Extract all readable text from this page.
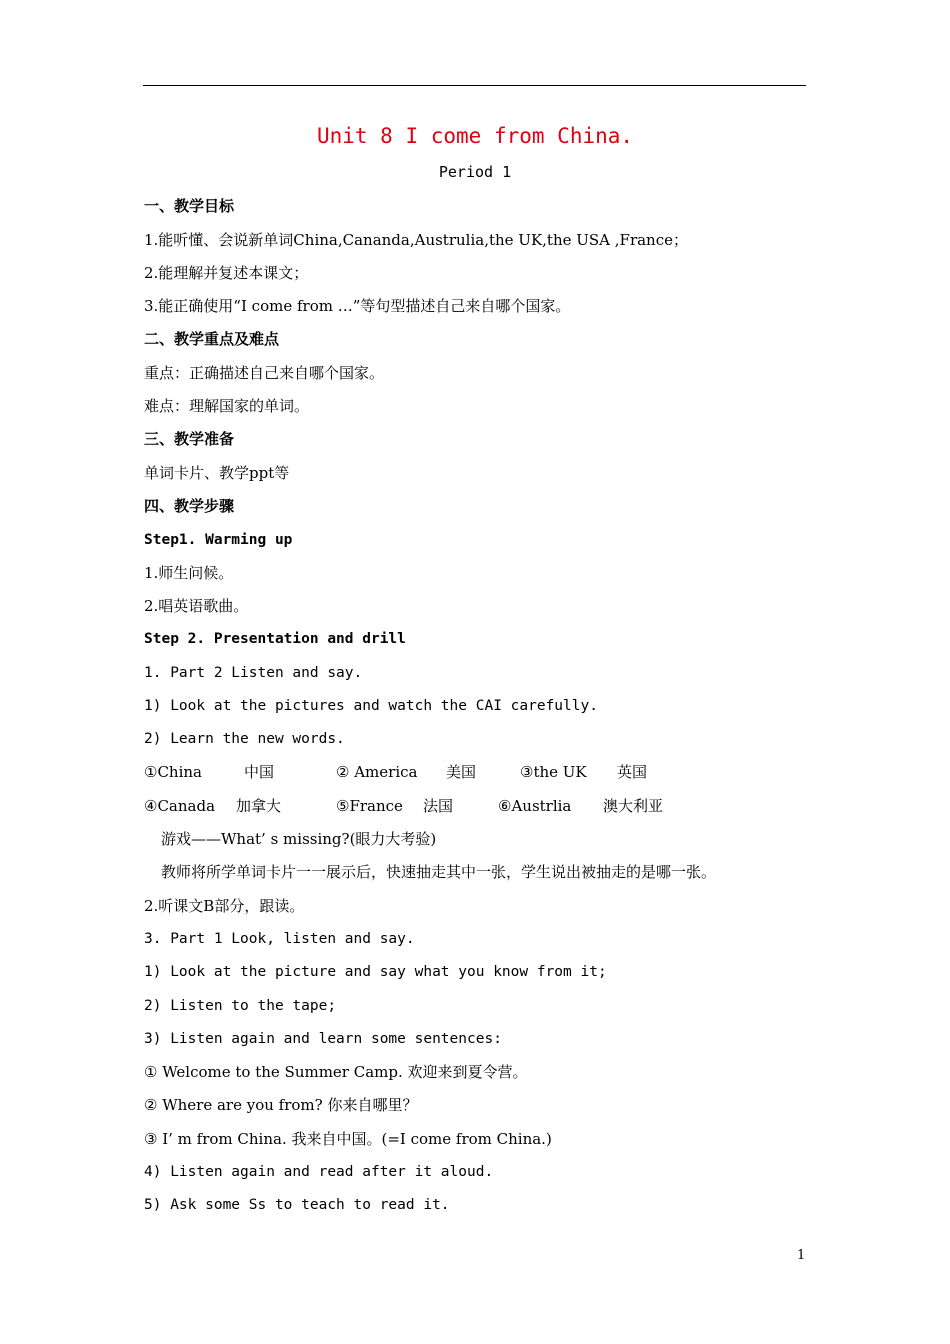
Unit 8 I come from China.
Period 1
一、教学目标
1.能听懂、会说新单词China,Cananda,Austrulia,the UK,the USA ,France；
2.能理解并复述本课文；
3.能正确使用“I come from …”等句型描述自己来自哪个国家。
二、教学重点及难点
重点：正确描述自己来自哪个国家。
难点：理解国家的单词。
三、教学准备
单词卡片、教学ppt等
四、教学步骤
Step1. Warming up
1.师生问候。
2.唱英语歌曲。
Step 2. Presentation and drill
1. Part 2 Listen and say.
1) Look at the pictures and watch the CAI carefully.
2) Learn the new words.
①China	中国	② America 美国	③the UK 英国
④Canada 加拿大	⑤France 法国	⑥Austrlia 澳大利亚
游戏——What’ s missing?(眼力大考验)
教师将所学单词卡片一一展示后，快速抽走其中一张，学生说出被抽走的是哪一张。
2.听课文B部分，跟读。
3. Part 1 Look, listen and say.
1) Look at the picture and say what you know from it;
2) Listen to the tape;
3) Listen again and learn some sentences:
① Welcome to the Summer Camp. 欢迎来到夏令营。
② Where are you from? 你来自哪里？
③ I’ m from China. 我来自中国。(=I come from China.)
4) Listen again and read after it aloud.
5) Ask some Ss to teach to read it.
1
